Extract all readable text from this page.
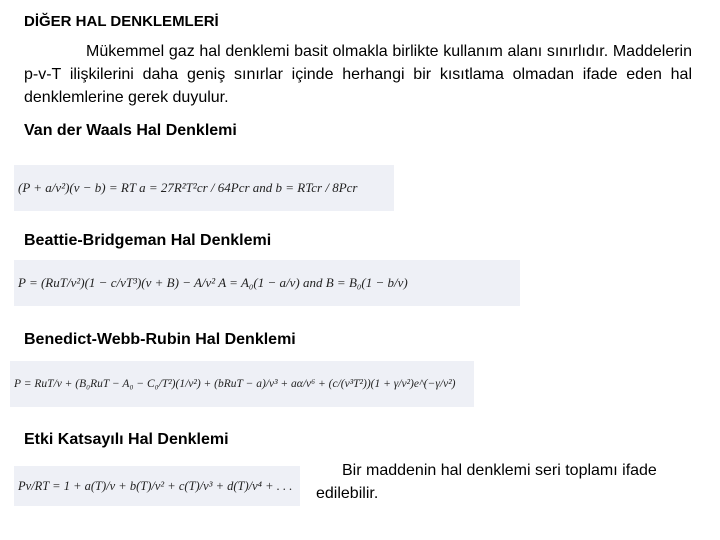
DİĞER HAL DENKLEMLERİ
Mükemmel gaz hal denklemi basit olmakla birlikte kullanım alanı sınırlıdır. Maddelerin p-v-T ilişkilerini daha geniş sınırlar içinde herhangi bir kısıtlama olmadan ifade eden hal denklemlerine gerek duyulur.
Van der Waals Hal Denklemi
(P + a/v²)(v − b) = RT a = 27R²T²cr / 64Pcr and b = RTcr / 8Pcr
Beattie-Bridgeman Hal Denklemi
P = (RuT/v²)(1 − c/vT³)(v + B) − A/v² A = A₀(1 − a/v) and B = B₀(1 − b/v)
Benedict-Webb-Rubin Hal Denklemi
P = RuT/v + (B₀RuT − A₀ − C₀/T²)(1/v²) + (bRuT − a)/v³ + aα/v⁶ + (c/(v³T²))(1 + γ/v²)e^(−γ/v²)
Etki Katsayılı Hal Denklemi
Pv/RT = 1 + a(T)/v + b(T)/v² + c(T)/v³ + d(T)/v⁴ + . . .
Bir maddenin hal denklemi seri toplamı ifade edilebilir.
